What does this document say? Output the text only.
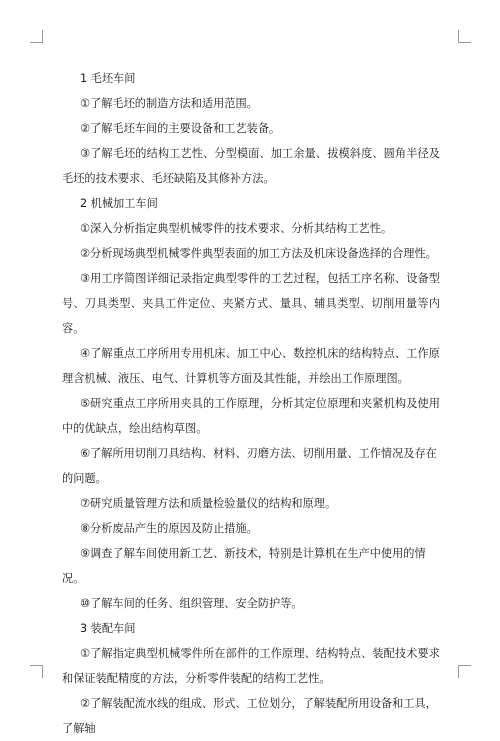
1 毛坯车间

①了解毛坯的制造方法和适用范围。

②了解毛坯车间的主要设备和工艺装备。

③了解毛坯的结构工艺性、分型模面、加工余量、拔模斜度、圆角半径及毛坯的技术要求、毛坯缺陷及其修补方法。

2 机械加工车间

①深入分析指定典型机械零件的技术要求、分析其结构工艺性。

②分析现场典型机械零件典型表面的加工方法及机床设备选择的合理性。

③用工序简图详细记录指定典型零件的工艺过程，包括工序名称、设备型号、刀具类型、夹具工件定位、夹紧方式、量具、辅具类型、切削用量等内容。

④了解重点工序所用专用机床、加工中心、数控机床的结构特点、工作原理含机械、液压、电气、计算机等方面及其性能，并绘出工作原理图。

⑤研究重点工序所用夹具的工作原理，分析其定位原理和夹紧机构及使用中的优缺点，绘出结构草图。

⑥了解所用切削刀具结构、材料、刃磨方法、切削用量、工作情况及存在的问题。

⑦研究质量管理方法和质量检验量仪的结构和原理。

⑧分析废品产生的原因及防止措施。

⑨调查了解车间使用新工艺、新技术，特别是计算机在生产中使用的情况。

⑩了解车间的任务、组织管理、安全防护等。

3 装配车间

①了解指定典型机械零件所在部件的工作原理、结构特点、装配技术要求和保证装配精度的方法，分析零件装配的结构工艺性。

②了解装配流水线的组成、形式、工位划分，了解装配所用设备和工具，了解轴
